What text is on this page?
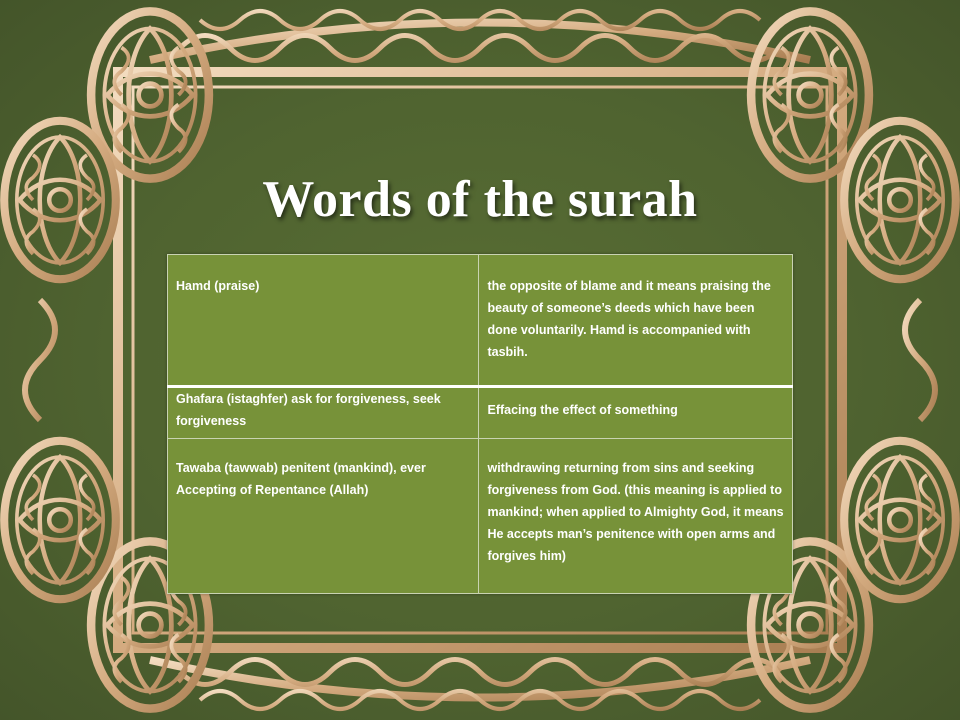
Words of the surah
Hamd (praise)	the opposite of blame and it means praising the beauty of someone’s deeds which have been done voluntarily. Hamd is accompanied with tasbih.
Ghafara (istaghfer) ask for forgiveness, seek forgiveness	Effacing the effect of something
Tawaba (tawwab) penitent (mankind), ever Accepting of Repentance (Allah)	withdrawing returning from sins and seeking forgiveness from God. (this meaning is applied to mankind; when applied to Almighty God, it means He accepts man’s penitence with open arms and forgives him)
